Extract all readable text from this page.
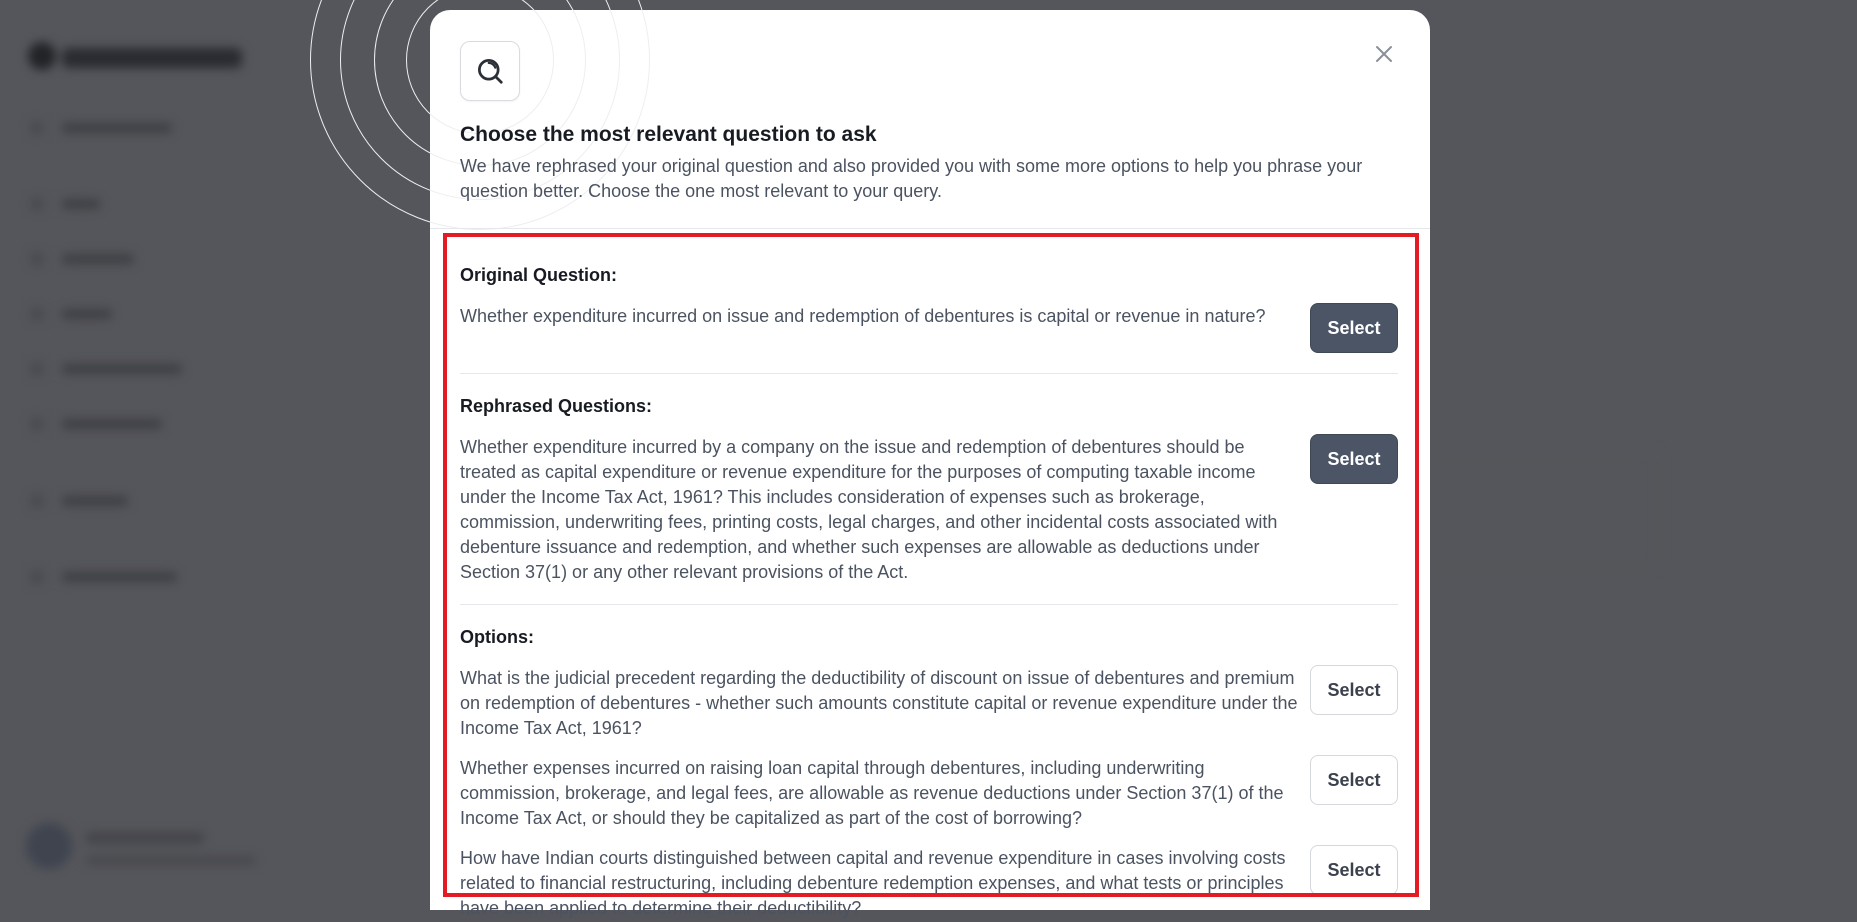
Choose the most relevant question to ask
We have rephrased your original question and also provided you with some more options to help you phrase your question better. Choose the one most relevant to your query.
Original Question:
Whether expenditure incurred on issue and redemption of debentures is capital or revenue in nature?
Select
Rephrased Questions:
Whether expenditure incurred by a company on the issue and redemption of debentures should be treated as capital expenditure or revenue expenditure for the purposes of computing taxable income under the Income Tax Act, 1961? This includes consideration of expenses such as brokerage, commission, underwriting fees, printing costs, legal charges, and other incidental costs associated with debenture issuance and redemption, and whether such expenses are allowable as deductions under Section 37(1) or any other relevant provisions of the Act.
Select
Options:
What is the judicial precedent regarding the deductibility of discount on issue of debentures and premium on redemption of debentures - whether such amounts constitute capital or revenue expenditure under the Income Tax Act, 1961?
Select
Whether expenses incurred on raising loan capital through debentures, including underwriting commission, brokerage, and legal fees, are allowable as revenue deductions under Section 37(1) of the Income Tax Act, or should they be capitalized as part of the cost of borrowing?
Select
How have Indian courts distinguished between capital and revenue expenditure in cases involving costs related to financial restructuring, including debenture redemption expenses, and what tests or principles have been applied to determine their deductibility?
Select
